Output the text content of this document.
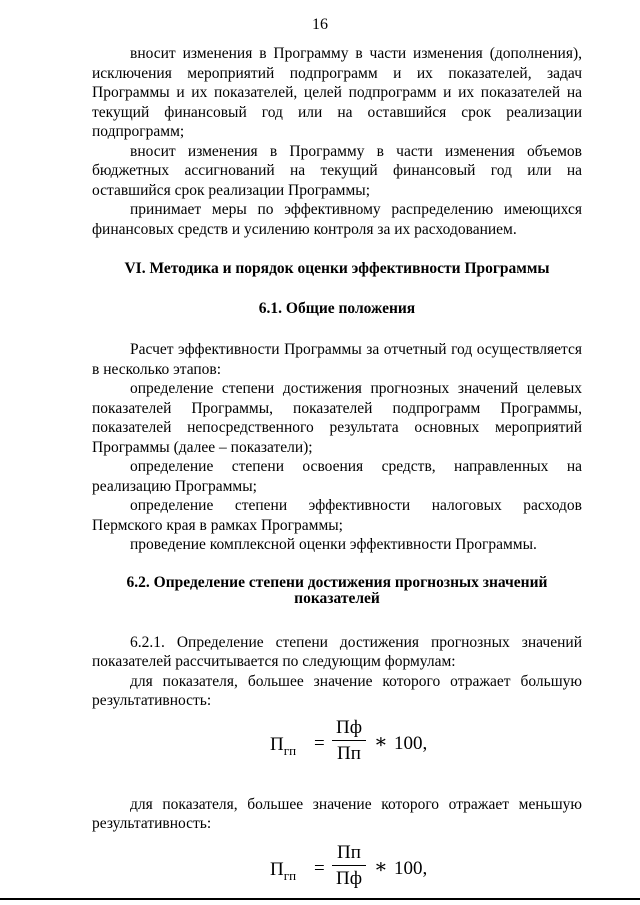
16

вносит изменения в Программу в части изменения (дополнения), исключения мероприятий подпрограмм и их показателей, задач Программы и их показателей, целей подпрограмм и их показателей на текущий финансовый год или на оставшийся срок реализации подпрограмм;

вносит изменения в Программу в части изменения объемов бюджетных ассигнований на текущий финансовый год или на оставшийся срок реализации Программы;

принимает меры по эффективному распределению имеющихся финансовых средств и усилению контроля за их расходованием.

VI. Методика и порядок оценки эффективности Программы

6.1. Общие положения

Расчет эффективности Программы за отчетный год осуществляется в несколько этапов:

определение степени достижения прогнозных значений целевых показателей Программы, показателей подпрограмм Программы, показателей непосредственного результата основных мероприятий Программы (далее – показатели);

определение степени освоения средств, направленных на реализацию Программы;

определение степени эффективности налоговых расходов Пермского края в рамках Программы;

проведение комплексной оценки эффективности Программы.

6.2. Определение степени достижения прогнозных значений
показателей

6.2.1. Определение степени достижения прогнозных значений показателей рассчитывается по следующим формулам:

для показателя, большее значение которого отражает большую результативность:

$П_{гп}$ =
Пф
Пп
∗ 100,

для показателя, большее значение которого отражает меньшую результативность:

$П_{гп}$ =
Пп
Пф
∗ 100,
